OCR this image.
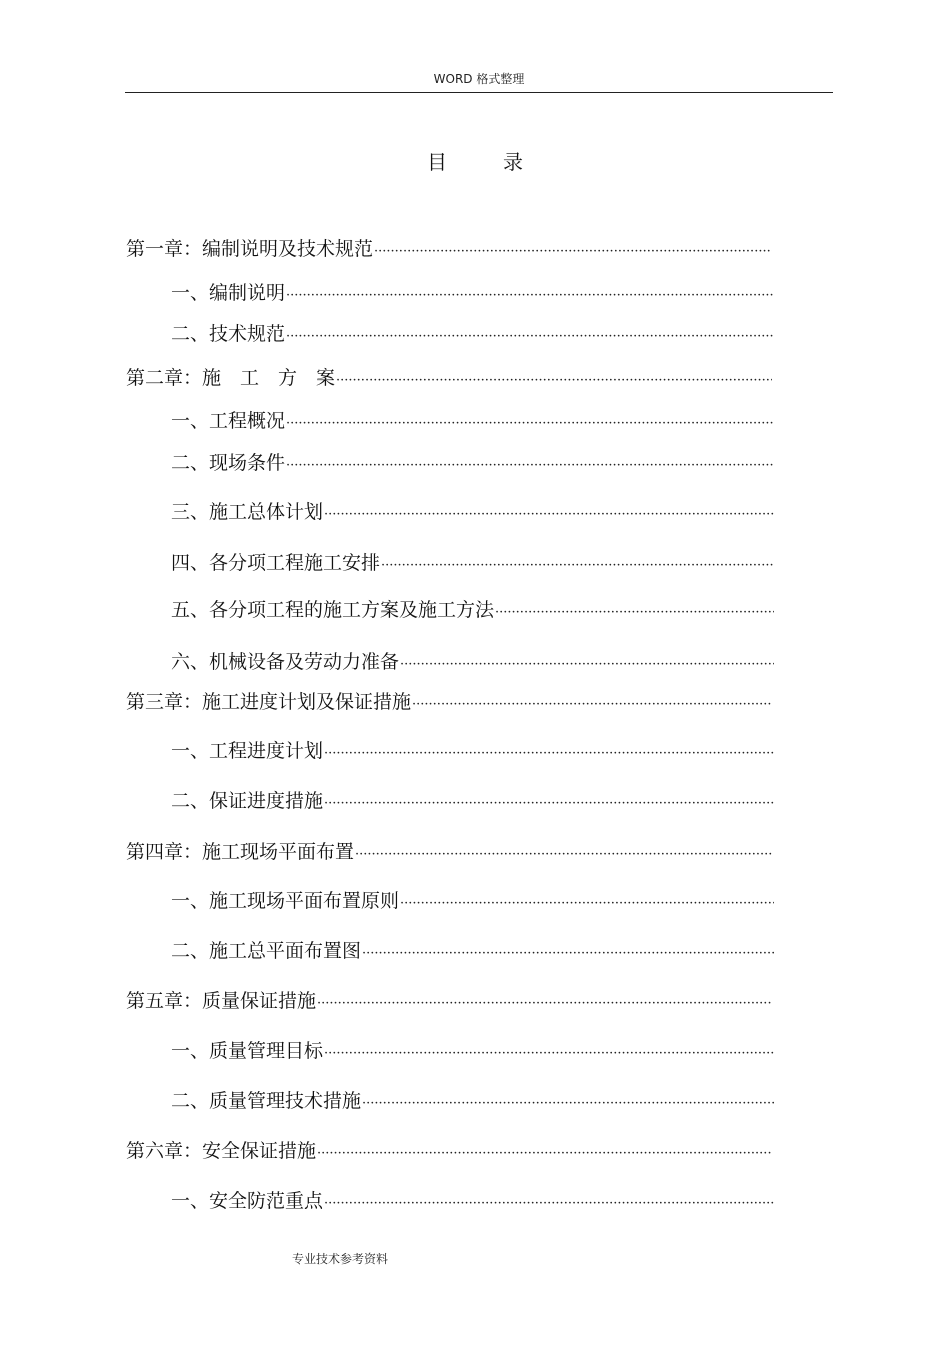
WORD 格式整理
目	录
第一章：编制说明及技术规范
·····
一、编制说明
·····
二、技术规范
·····
第二章：施　工　方　案
·····
一、工程概况
·····
二、现场条件
·····
三、施工总体计划
·····
四、各分项工程施工安排
·····
五、各分项工程的施工方案及施工方法
·····
六、机械设备及劳动力准备
·····
第三章：施工进度计划及保证措施
·····
一、工程进度计划
·····
二、保证进度措施
·····
第四章：施工现场平面布置
·····
一、施工现场平面布置原则
·····
二、施工总平面布置图
·····
第五章：质量保证措施
·····
一、质量管理目标
·····
二、质量管理技术措施
·····
第六章：安全保证措施
·····
一、安全防范重点
·····
专业技术参考资料
